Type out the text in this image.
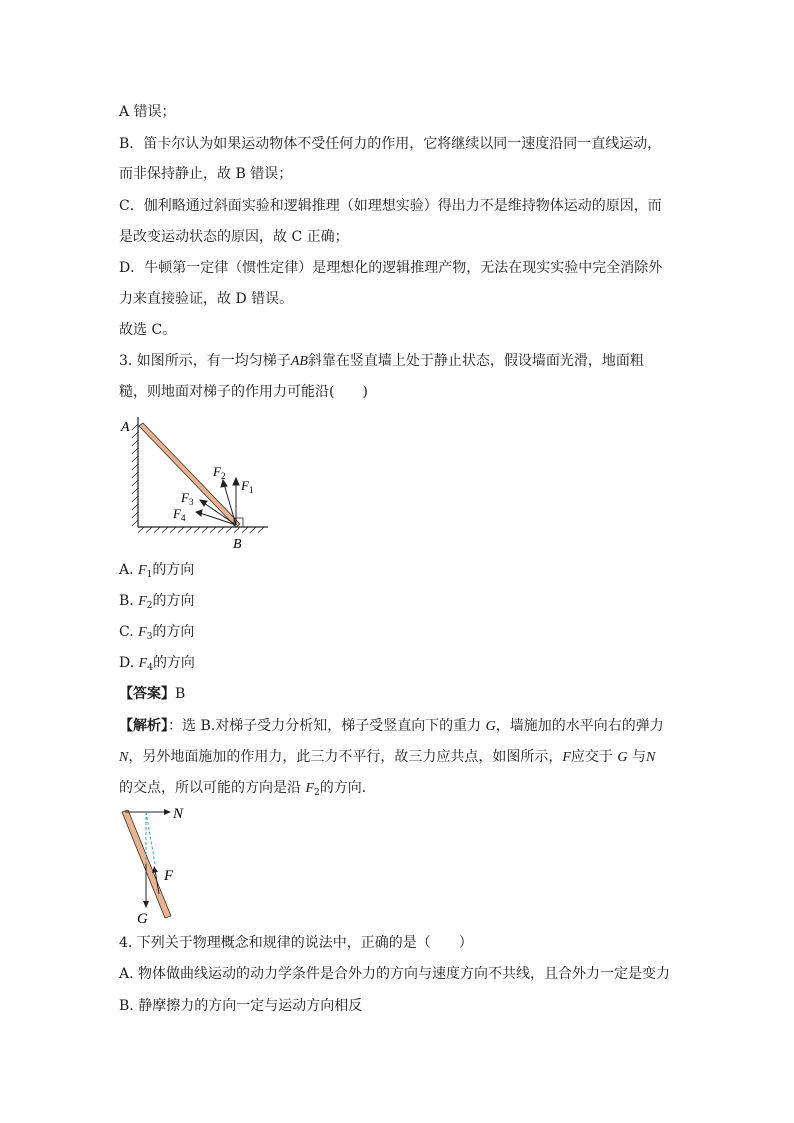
A 错误；
B．笛卡尔认为如果运动物体不受任何力的作用，它将继续以同一速度沿同一直线运动，
而非保持静止，故 B 错误；
C．伽利略通过斜面实验和逻辑推理（如理想实验）得出力不是维持物体运动的原因，而
是改变运动状态的原因，故 C 正确；
D．牛顿第一定律（惯性定律）是理想化的逻辑推理产物，无法在现实实验中完全消除外
力来直接验证，故 D 错误。
故选 C。
3. 如图所示，有一均匀梯子AB斜靠在竖直墙上处于静止状态，假设墙面光滑，地面粗
糙，则地面对梯子的作用力可能沿(　　)
A
B
$F_1$
$F_2$
$F_3$
$F_4$
A. $F_1$的方向
B. $F_2$的方向
C. $F_3$的方向
D. $F_4$的方向
【答案】B
【解析】：选 B.对梯子受力分析知，梯子受竖直向下的重力 G，墙施加的水平向右的弹力
N，另外地面施加的作用力，此三力不平行，故三力应共点，如图所示，F应交于 G 与N
的交点，所以可能的方向是沿 $F_2$的方向．
N
F
G
4. 下列关于物理概念和规律的说法中，正确的是（　　）
A. 物体做曲线运动的动力学条件是合外力的方向与速度方向不共线，且合外力一定是变力
B. 静摩擦力的方向一定与运动方向相反
